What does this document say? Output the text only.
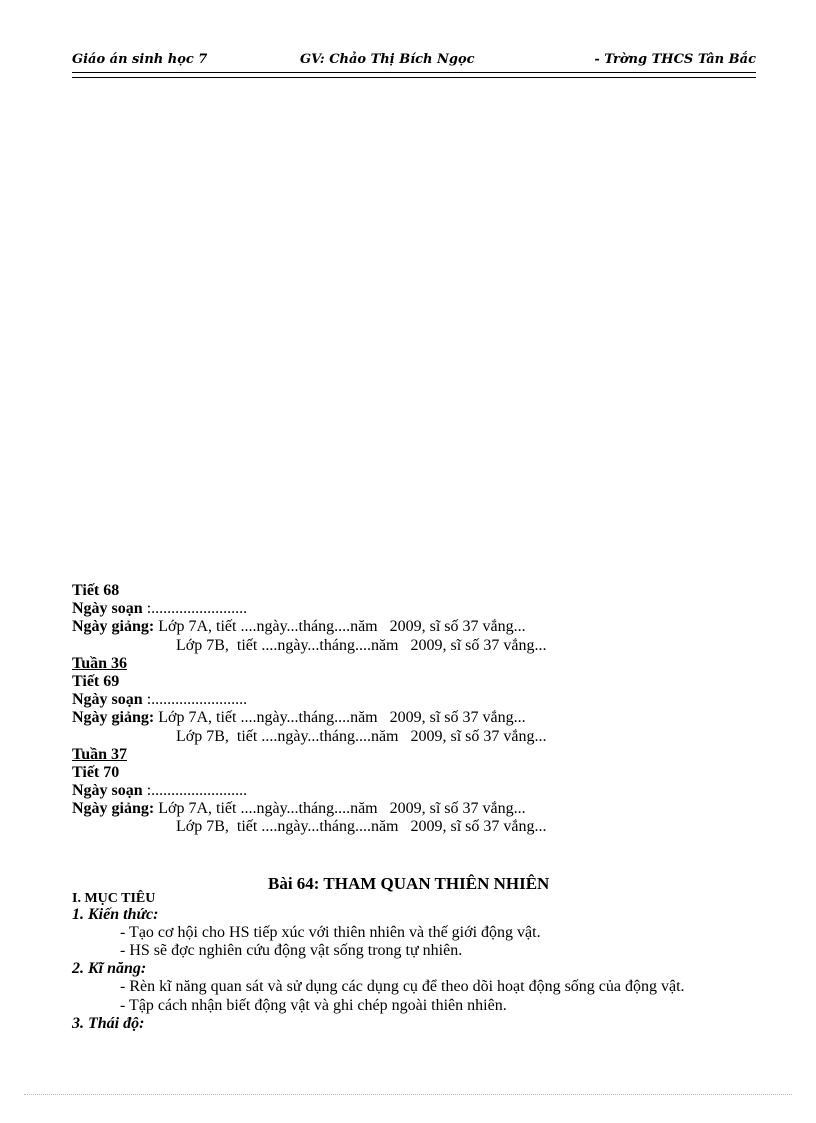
Giáo án sinh học 7	GV: Chảo Thị Bích Ngọc	- Trờng THCS Tân Bắc
Tiết 68
Ngày soạn :........................
Ngày giảng: Lớp 7A, tiết ....ngày...tháng....năm   2009, sĩ số 37 vắng...
Lớp 7B,  tiết ....ngày...tháng....năm   2009, sĩ số 37 vắng...
Tuần 36
Tiết 69
Ngày soạn :........................
Ngày giảng: Lớp 7A, tiết ....ngày...tháng....năm   2009, sĩ số 37 vắng...
Lớp 7B,  tiết ....ngày...tháng....năm   2009, sĩ số 37 vắng...
Tuần 37
Tiết 70
Ngày soạn :........................
Ngày giảng: Lớp 7A, tiết ....ngày...tháng....năm   2009, sĩ số 37 vắng...
Lớp 7B,  tiết ....ngày...tháng....năm   2009, sĩ số 37 vắng...
Bài 64: THAM QUAN THIÊN NHIÊN
I. MỤC TIÊU
1. Kiến thức:
- Tạo cơ hội cho HS tiếp xúc với thiên nhiên và thế giới động vật.
- HS sẽ đợc nghiên cứu động vật sống trong tự nhiên.
2. Kĩ năng:
- Rèn kĩ năng quan sát và sử dụng các dụng cụ để theo dõi hoạt động sống của động vật.
- Tập cách nhận biết động vật và ghi chép ngoài thiên nhiên.
3. Thái độ:
